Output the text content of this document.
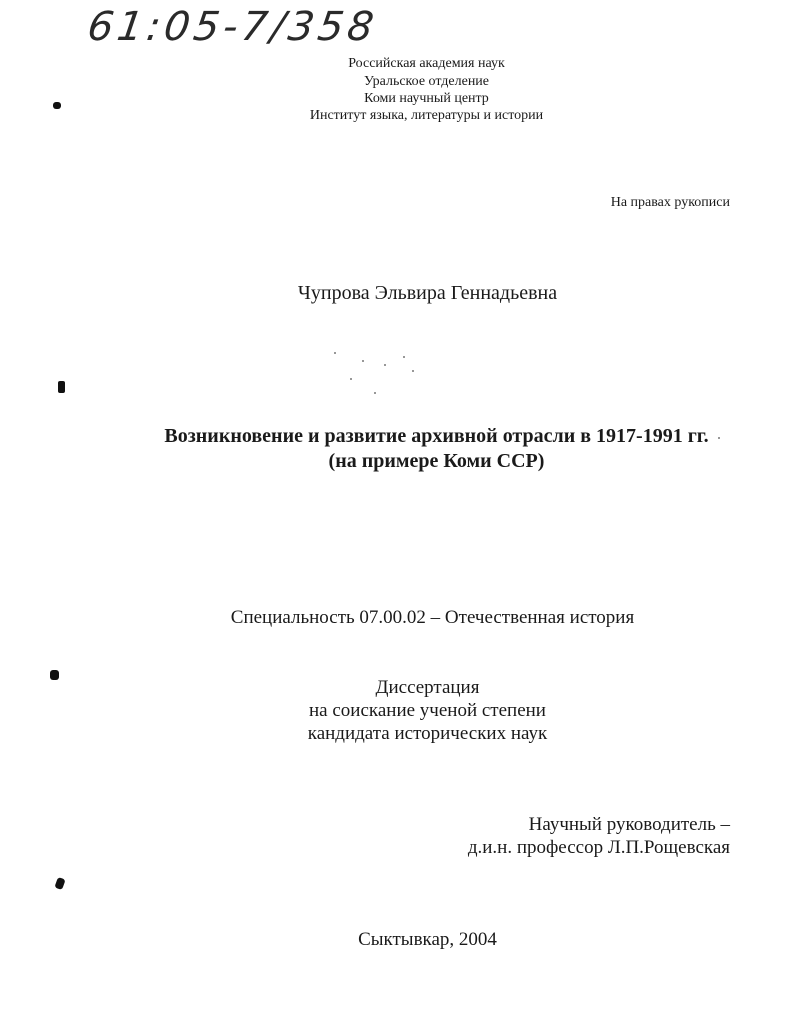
61:05-7/358
Российская академия наук
Уральское отделение
Коми научный центр
Институт языка, литературы и истории
На правах рукописи
Чупрова Эльвира Геннадьевна
Возникновение и развитие архивной отрасли в 1917-1991 гг.
(на примере Коми ССР)
Специальность 07.00.02 – Отечественная история
Диссертация
на соискание ученой степени
кандидата исторических наук
Научный руководитель –
д.и.н. профессор Л.П.Рощевская
Сыктывкар, 2004
